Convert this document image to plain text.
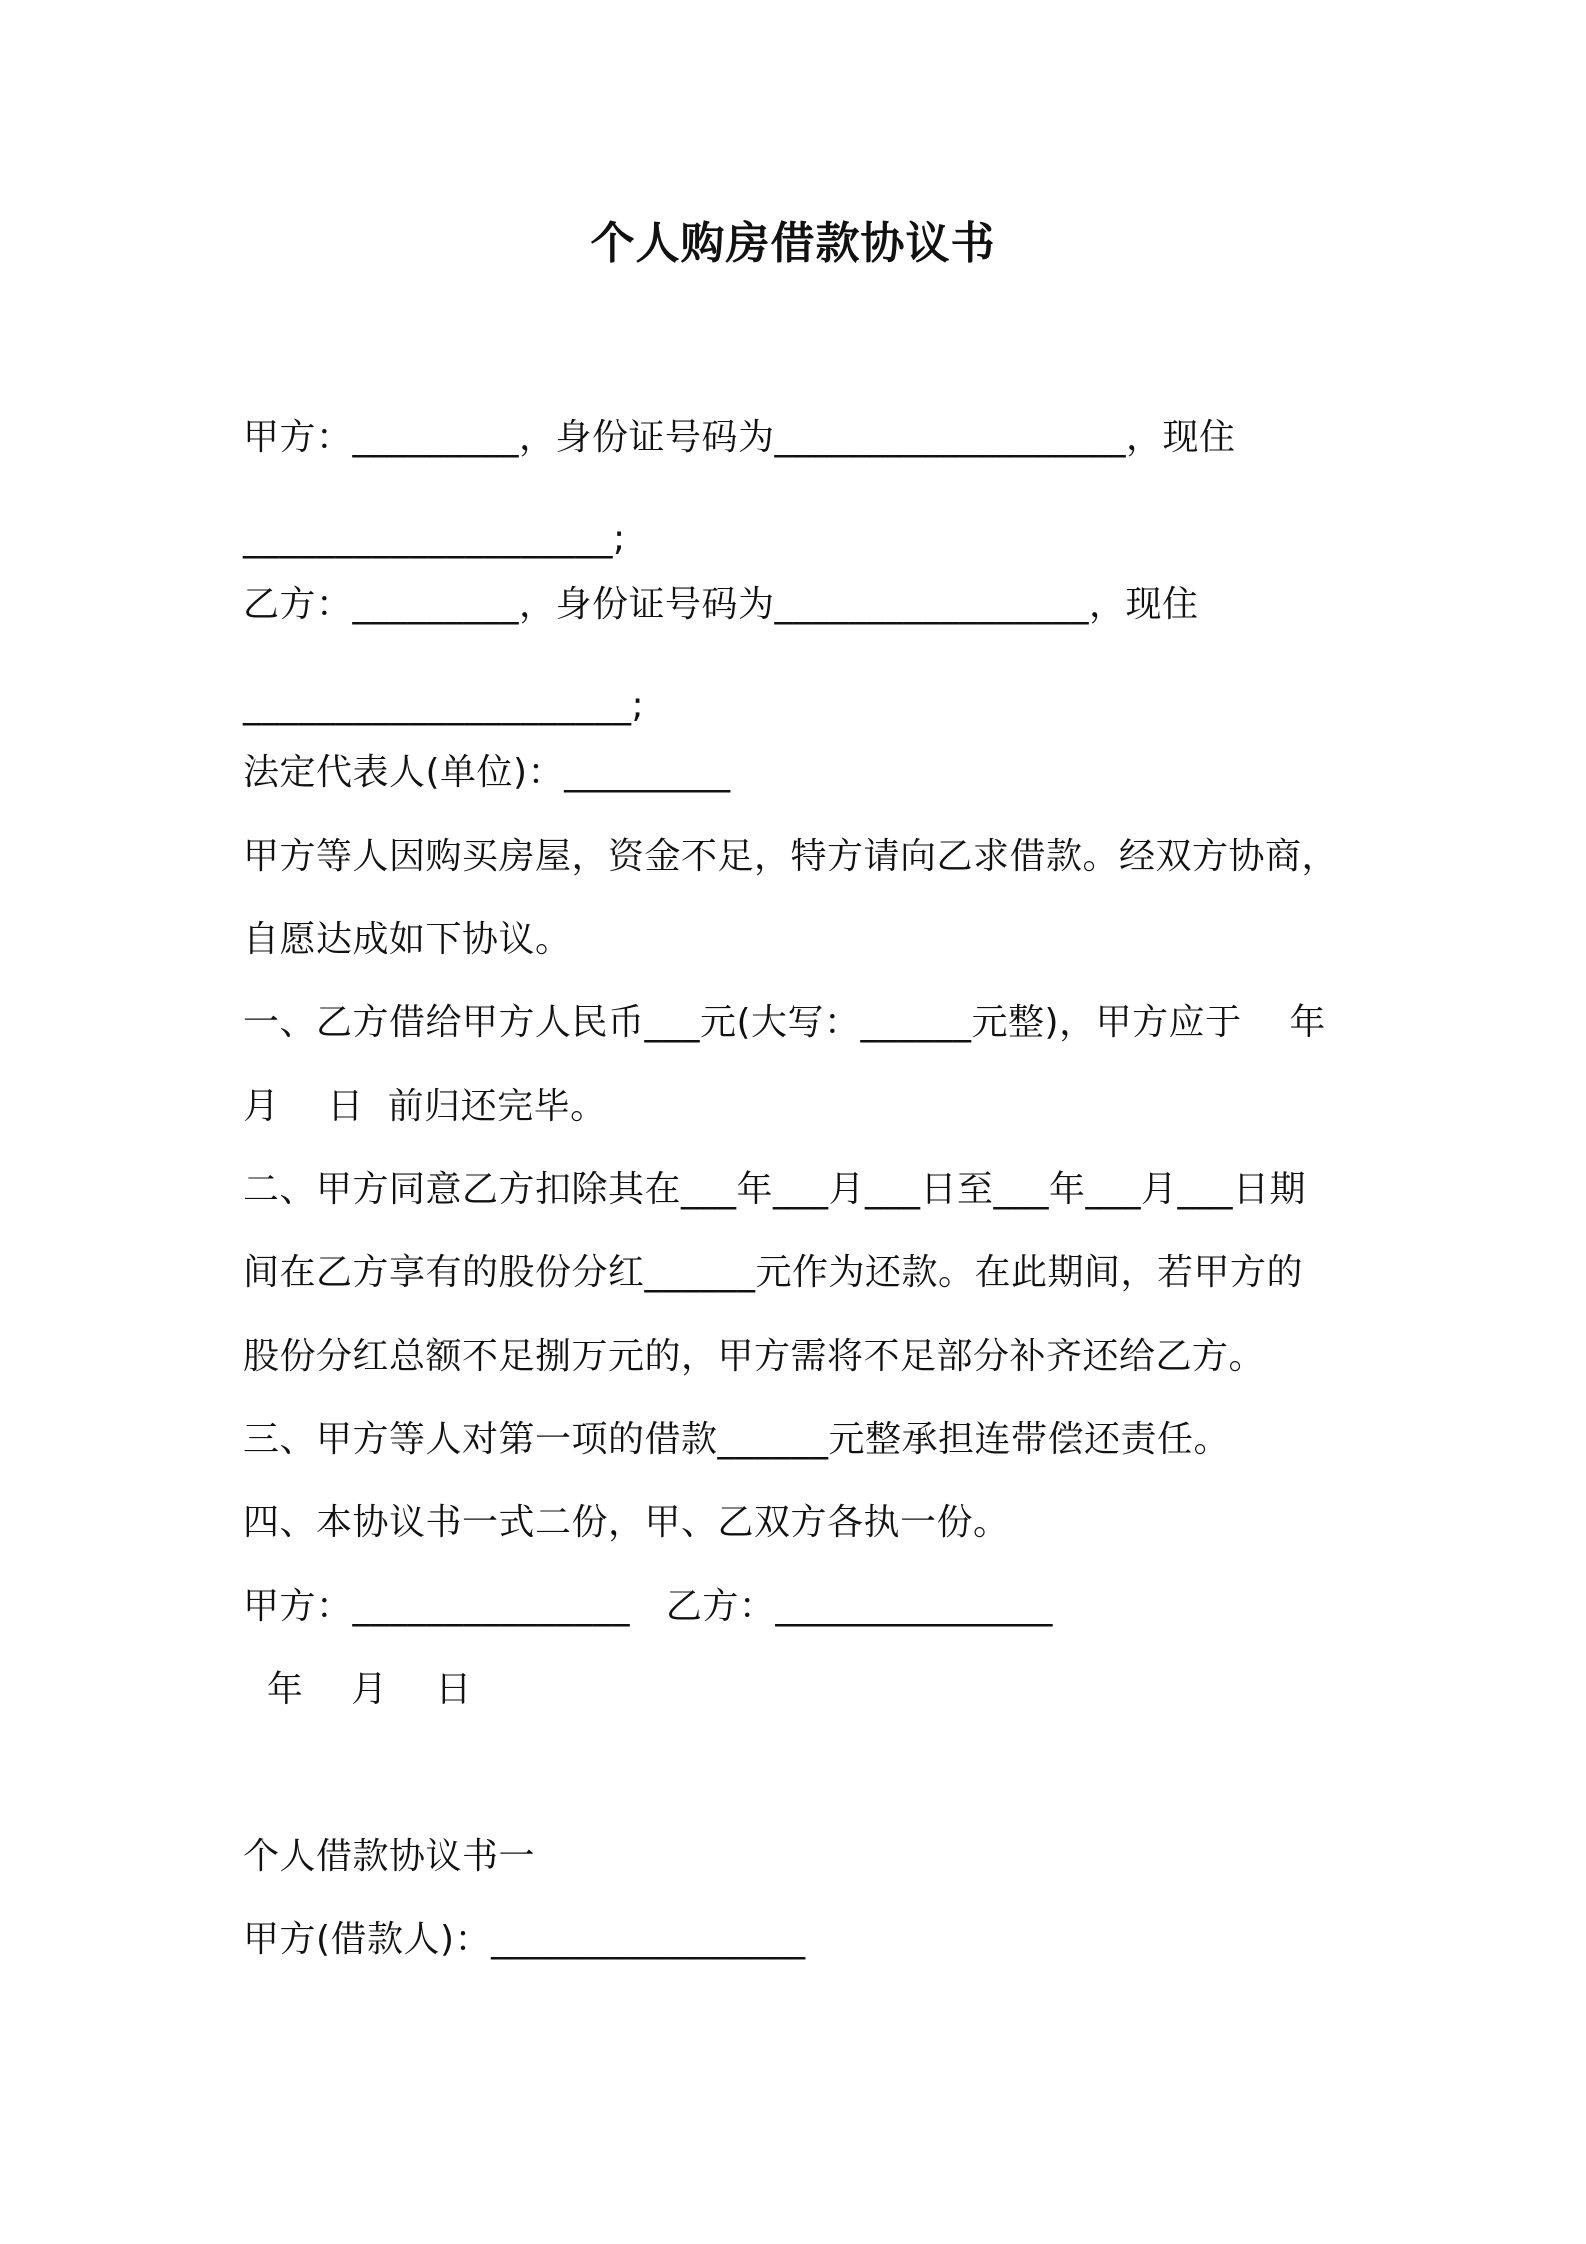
个人购房借款协议书
甲方：_________，身份证号码为___________________，现住
____________________;
乙方：_________，身份证号码为_________________，现住
_____________________;
法定代表人(单位)：_________
甲方等人因购买房屋，资金不足，特方请向乙求借款。经双方协商，
自愿达成如下协议。
一、乙方借给甲方人民币___元(大写：______元整)，甲方应于    年
月    日  前归还完毕。
二、甲方同意乙方扣除其在___年___月___日至___年___月___日期
间在乙方享有的股份分红______元作为还款。在此期间，若甲方的
股份分红总额不足捌万元的，甲方需将不足部分补齐还给乙方。
三、甲方等人对第一项的借款______元整承担连带偿还责任。
四、本协议书一式二份，甲、乙双方各执一份。
甲方：_______________   乙方：_______________
年    月    日
个人借款协议书一
甲方(借款人)：_________________
